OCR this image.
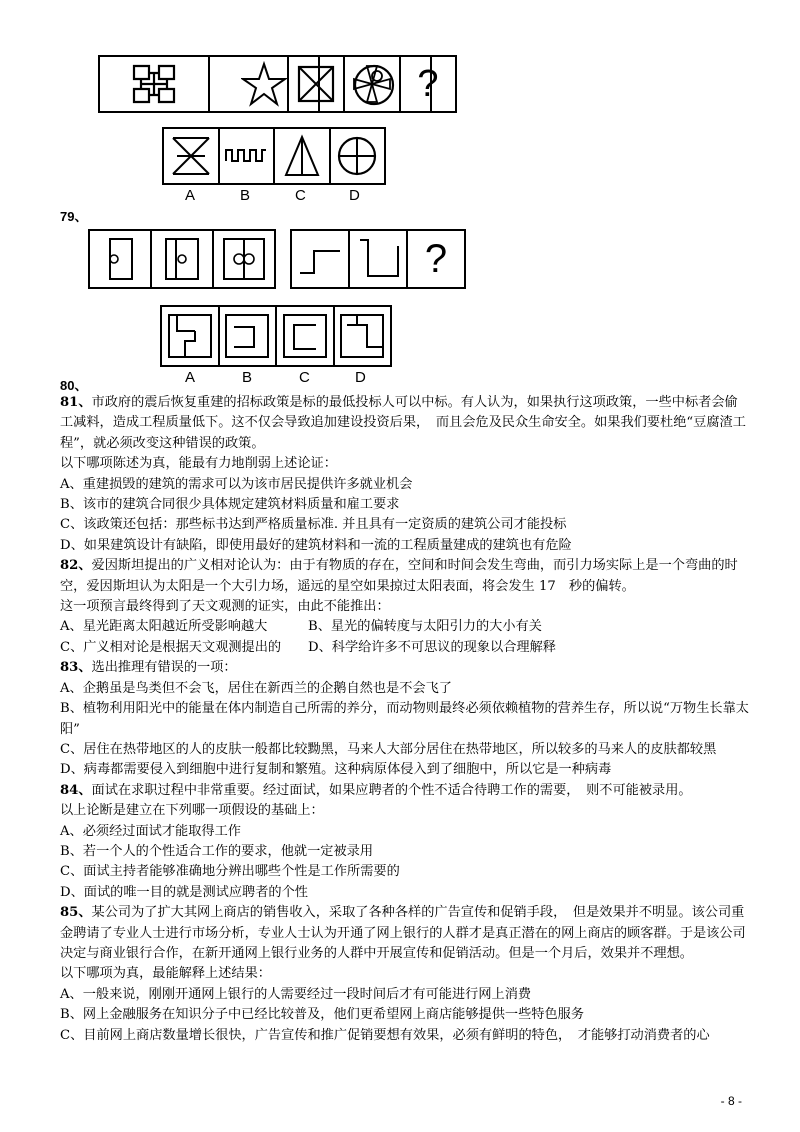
?
A	B	C	D
79、
?
A	B	C	D
80、

81、市政府的震后恢复重建的招标政策是标的最低投标人可以中标。有人认为，如果执行这项政策，一些中标者会偷工减料，造成工程质量低下。这不仅会导致追加建设投资后果，　而且会危及民众生命安全。如果我们要杜绝“豆腐渣工程”，就必须改变这种错误的政策。

以下哪项陈述为真，能最有力地削弱上述论证：

A、重建损毁的建筑的需求可以为该市居民提供许多就业机会

B、该市的建筑合同很少具体规定建筑材料质量和雇工要求

C、该政策还包括：那些标书达到严格质量标准. 并且具有一定资质的建筑公司才能投标

D、如果建筑设计有缺陷，即使用最好的建筑材料和一流的工程质量建成的建筑也有危险

82、爱因斯坦提出的广义相对论认为：由于有物质的存在，空间和时间会发生弯曲，而引力场实际上是一个弯曲的时空，爱因斯坦认为太阳是一个大引力场，遥远的星空如果掠过太阳表面，将会发生 17　秒的偏转。

这一项预言最终得到了天文观测的证实，由此不能推出：

A、星光距离太阳越近所受影响越大	B、星光的偏转度与太阳引力的大小有关

C、广义相对论是根据天文观测提出的	D、科学给许多不可思议的现象以合理解释

83、选出推理有错误的一项：

A、企鹅虽是鸟类但不会飞，居住在新西兰的企鹅自然也是不会飞了

B、植物利用阳光中的能量在体内制造自己所需的养分，而动物则最终必须依赖植物的营养生存，所以说“万物生长靠太阳”

C、居住在热带地区的人的皮肤一般都比较黝黑，马来人大部分居住在热带地区，所以较多的马来人的皮肤都较黑

D、病毒都需要侵入到细胞中进行复制和繁殖。这种病原体侵入到了细胞中，所以它是一种病毒

84、面试在求职过程中非常重要。经过面试，如果应聘者的个性不适合待聘工作的需要，　则不可能被录用。

以上论断是建立在下列哪一项假设的基础上：

A、必须经过面试才能取得工作

B、若一个人的个性适合工作的要求，他就一定被录用

C、面试主持者能够准确地分辨出哪些个性是工作所需要的

D、面试的唯一目的就是测试应聘者的个性

85、某公司为了扩大其网上商店的销售收入，采取了各种各样的广告宣传和促销手段，　但是效果并不明显。该公司重金聘请了专业人士进行市场分析，专业人士认为开通了网上银行的人群才是真正潜在的网上商店的顾客群。于是该公司决定与商业银行合作，在新开通网上银行业务的人群中开展宣传和促销活动。但是一个月后，效果并不理想。

以下哪项为真，最能解释上述结果：

A、一般来说，刚刚开通网上银行的人需要经过一段时间后才有可能进行网上消费

B、网上金融服务在知识分子中已经比较普及，他们更希望网上商店能够提供一些特色服务

C、目前网上商店数量增长很快，广告宣传和推广促销要想有效果，必须有鲜明的特色，　才能够打动消费者的心

- 8 -
